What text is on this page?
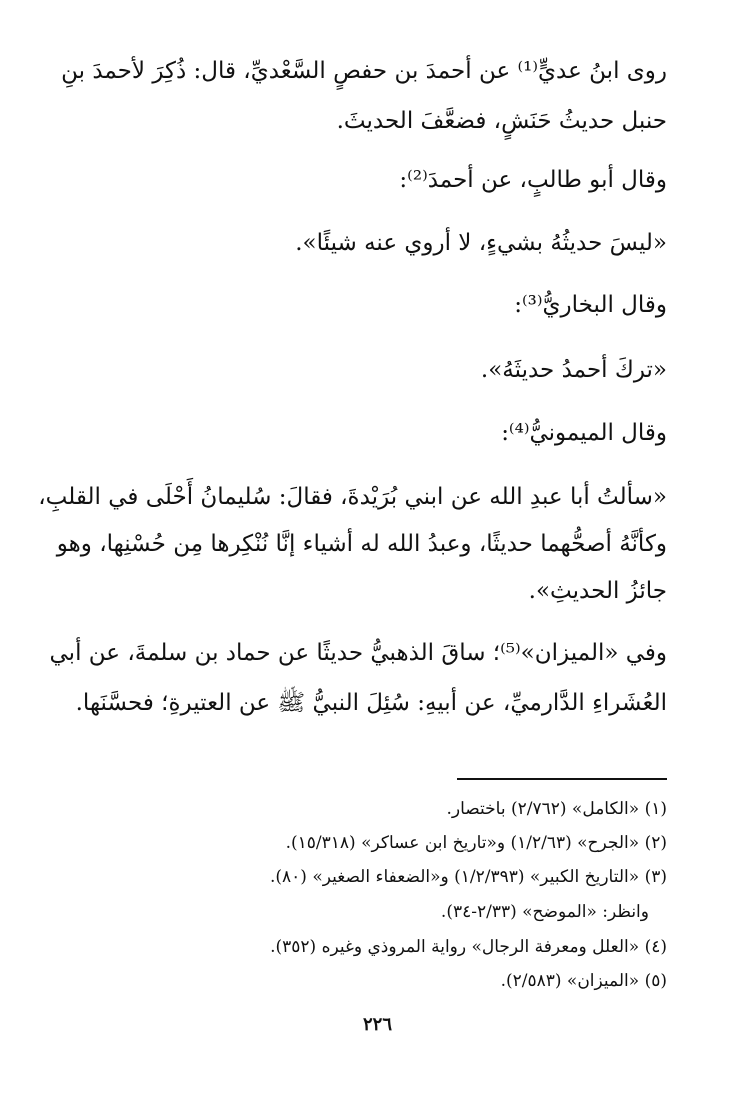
روى ابنُ عديٍّ⁽¹⁾ عن أحمدَ بن حفصٍ السَّعْديِّ، قال: ذُكِرَ لأحمدَ بنِ
حنبل حديثُ حَنَشٍ، فضعَّفَ الحديثَ.
وقال أبو طالبٍ، عن أحمدَ⁽²⁾:
«ليسَ حديثُهُ بشيءٍ، لا أروي عنه شيئًا».
وقال البخاريُّ⁽³⁾:
«تركَ أحمدُ حديثَهُ».
وقال الميمونيُّ⁽⁴⁾:
«سألتُ أبا عبدِ الله عن ابني بُرَيْدةَ، فقالَ: سُليمانُ أَحْلَى في القلبِ،
وكأنَّهُ أصحُّهما حديثًا، وعبدُ الله له أشياء إنَّا نُنْكِرها مِن حُسْنِها، وهو
جائزُ الحديثِ».
وفي «الميزان»⁽⁵⁾؛ ساقَ الذهبيُّ حديثًا عن حماد بن سلمةَ، عن أبي
العُشَراءِ الدَّارميِّ، عن أبيهِ: سُئِلَ النبيُّ ﷺ عن العتيرةِ؛ فحسَّنَها.
(١) «الكامل» (٢/٧٦٢) باختصار.
(٢) «الجرح» (١/٢/٦٣) و«تاريخ ابن عساكر» (١٥/٣١٨).
(٣) «التاريخ الكبير» (١/٢/٣٩٣) و«الضعفاء الصغير» (٨٠).
وانظر: «الموضح» (٢/٣٣-٣٤).
(٤) «العلل ومعرفة الرجال» رواية المروذي وغيره (٣٥٢).
(٥) «الميزان» (٢/٥٨٣).
٢٢٦
